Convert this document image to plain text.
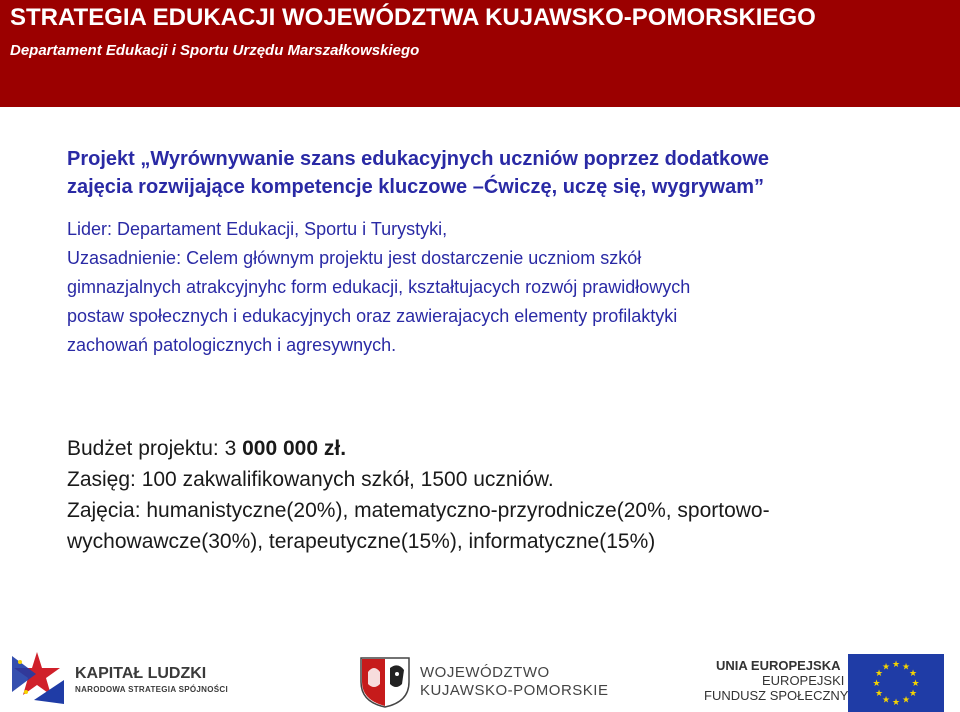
STRATEGIA EDUKACJI WOJEWÓDZTWA KUJAWSKO-POMORSKIEGO

Departament Edukacji i Sportu Urzędu Marszałkowskiego

Projekt „Wyrównywanie szans edukacyjnych uczniów poprzez dodatkowe
zajęcia rozwijające kompetencje kluczowe –Ćwiczę, uczę się, wygrywam”

Lider: Departament Edukacji, Sportu i Turystyki,
Uzasadnienie: Celem głównym projektu jest dostarczenie uczniom szkół
gimnazjalnych atrakcyjnyhc form edukacji, kształtujacych rozwój prawidłowych
postaw społecznych i edukacyjnych oraz zawierajacych elementy profilaktyki
zachowań patologicznych i agresywnych.

Budżet projektu: 3 000 000 zł.
Zasięg: 100 zakwalifikowanych szkół, 1500 uczniów.
Zajęcia: humanistyczne(20%), matematyczno-przyrodnicze(20%, sportowo-
wychowawcze(30%), terapeutyczne(15%), informatyczne(15%)
KAPITAŁ LUDZKI
NARODOWA STRATEGIA SPÓJNOŚCI
WOJEWÓDZTWO
KUJAWSKO-POMORSKIE
UNIA EUROPEJSKA
EUROPEJSKI
FUNDUSZ SPOŁECZNY
★ ★
★
★
★
★
★
★
★
★
★
★
